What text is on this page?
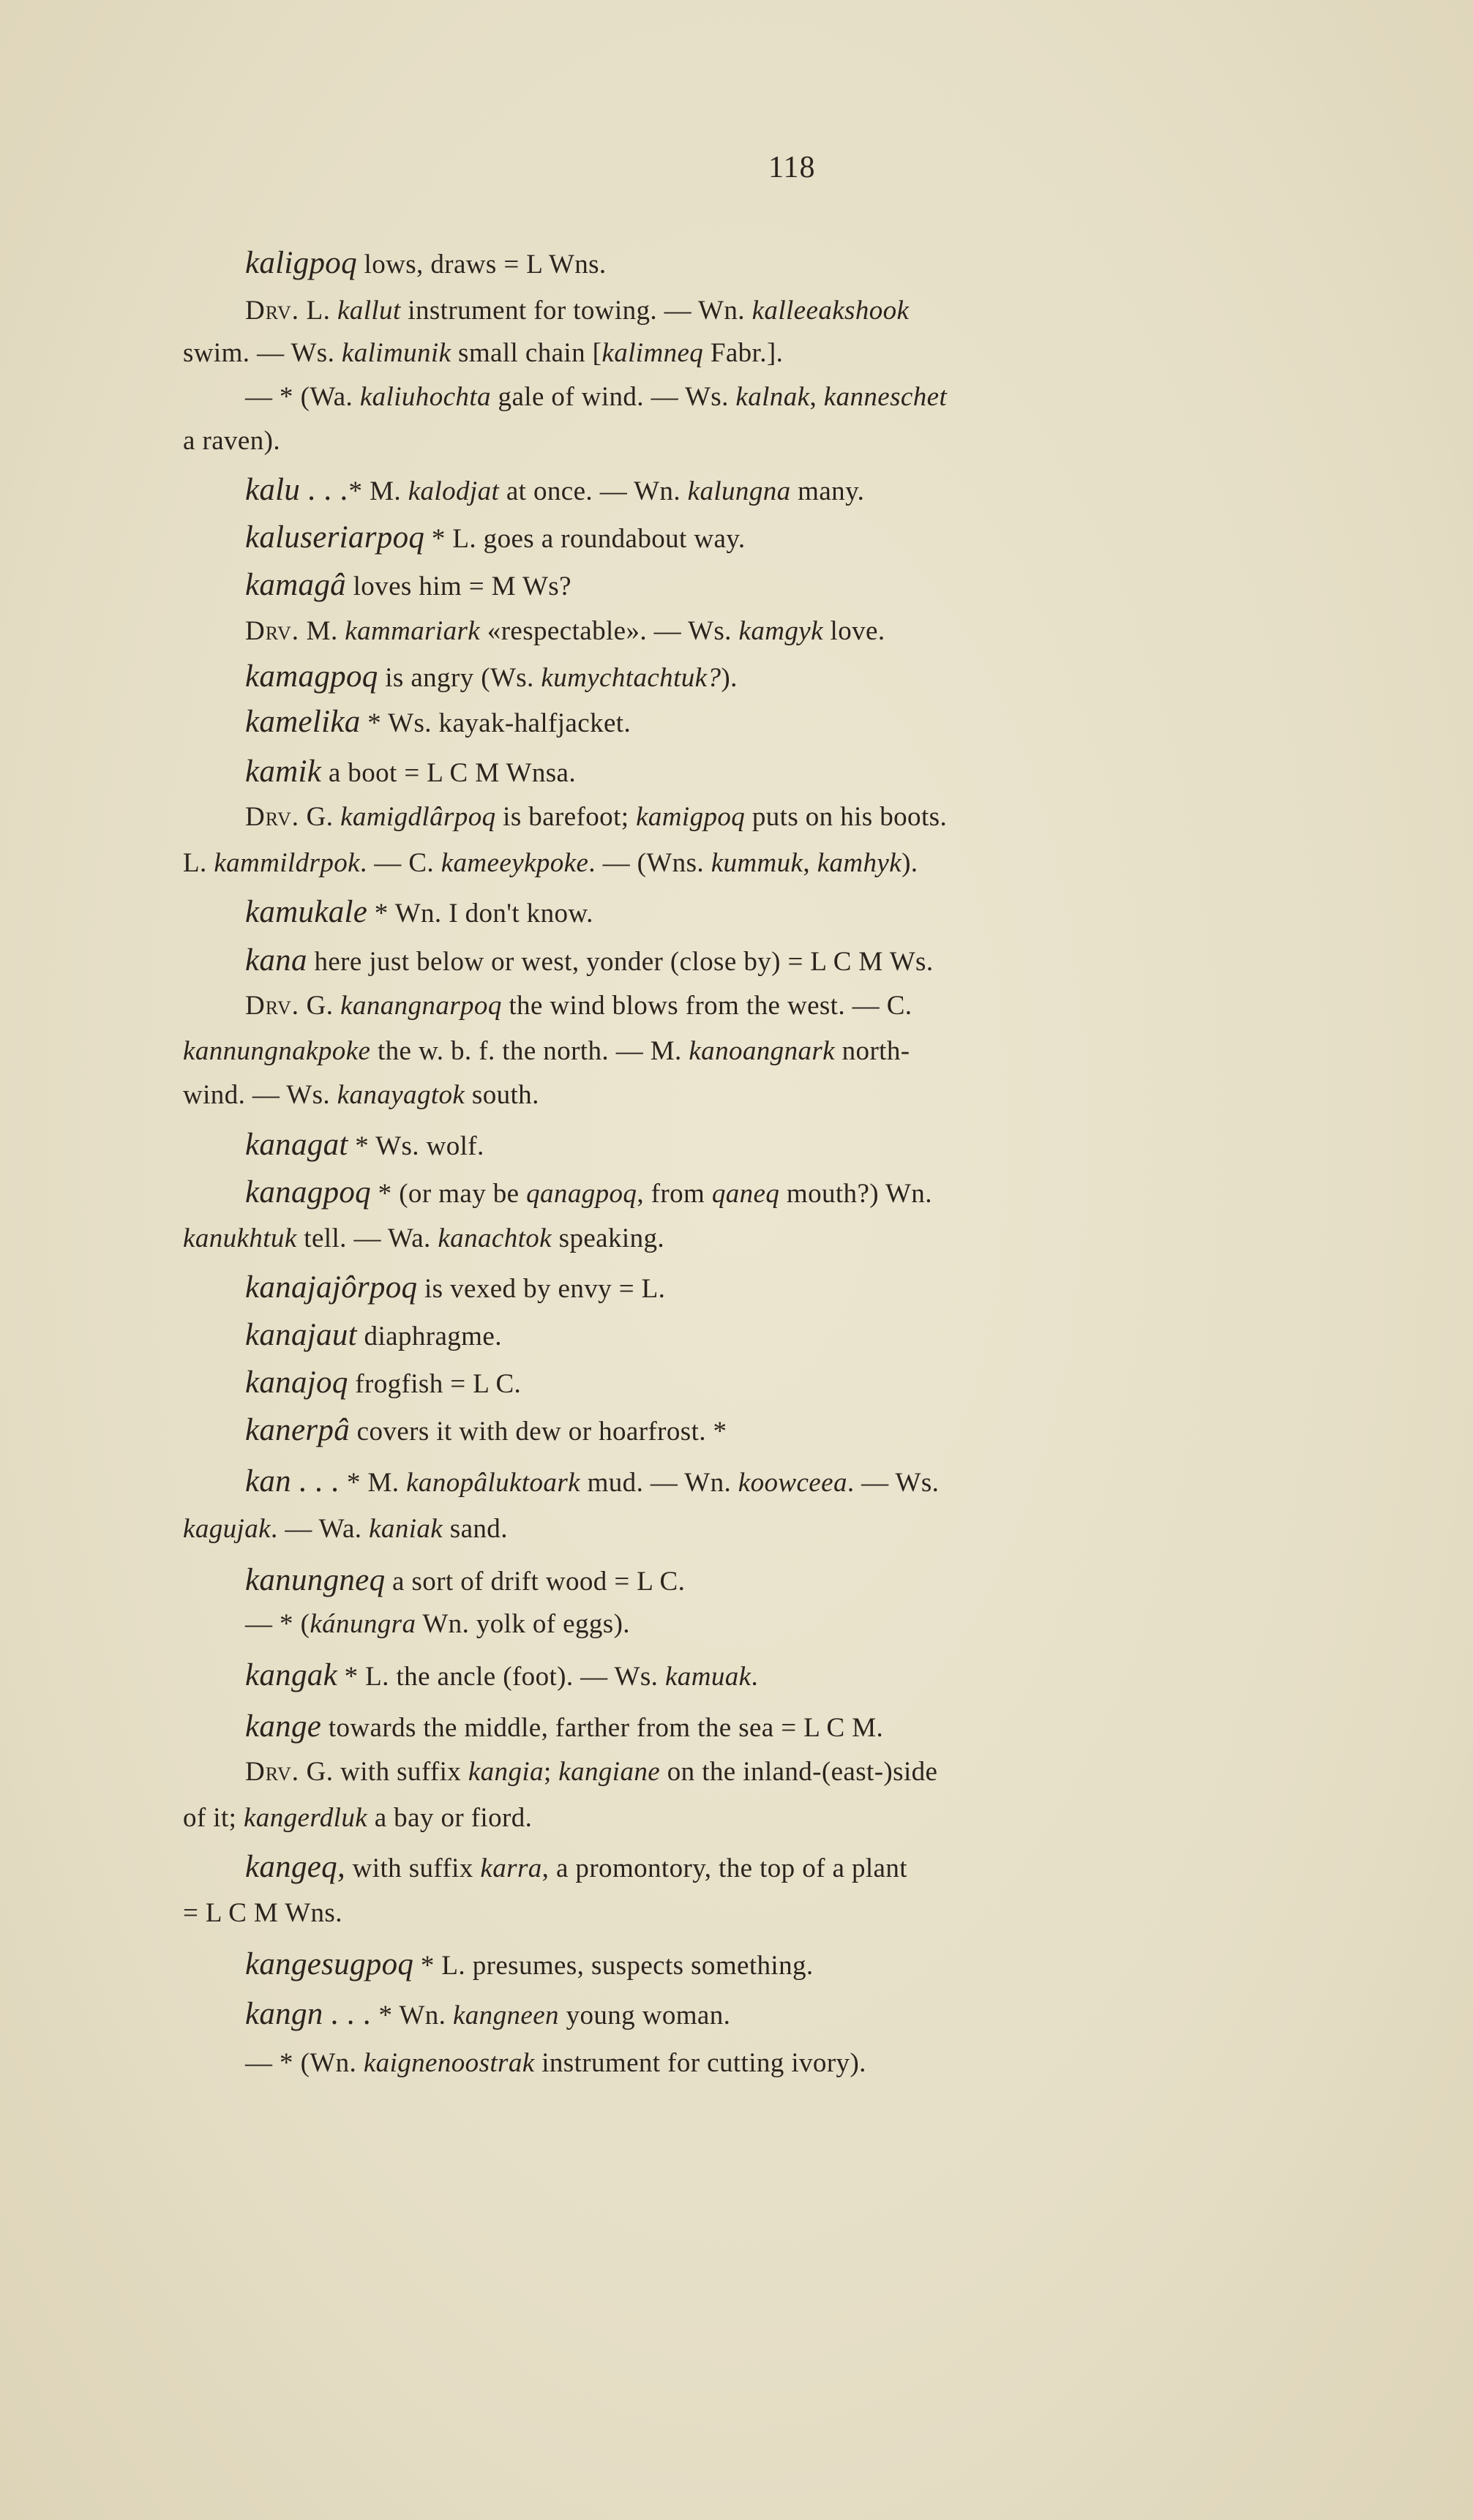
118
kaligpoq lows, draws = L Wns.
Drv. L. kallut instrument for towing. — Wn. kalleeakshook
swim. — Ws. kalimunik small chain [kalimneq Fabr.].
— * (Wa. kaliuhochta gale of wind. — Ws. kalnak, kanneschet
a raven).
kalu . . .* M. kalodjat at once. — Wn. kalungna many.
kaluseriarpoq * L. goes a roundabout way.
kamagâ loves him = M Ws?
Drv. M. kammariark «respectable». — Ws. kamgyk love.
kamagpoq is angry (Ws. kumychtachtuk?).
kamelika * Ws. kayak-halfjacket.
kamik a boot = L C M Wnsa.
Drv. G. kamigdlârpoq is barefoot; kamigpoq puts on his boots.
L. kammildrpok. — C. kameeykpoke. — (Wns. kummuk, kamhyk).
kamukale * Wn. I don't know.
kana here just below or west, yonder (close by) = L C M Ws.
Drv. G. kanangnarpoq the wind blows from the west. — C.
kannungnakpoke the w. b. f. the north. — M. kanoangnark north-
wind. — Ws. kanayagtok south.
kanagat * Ws. wolf.
kanagpoq * (or may be qanagpoq, from qaneq mouth?) Wn.
kanukhtuk tell. — Wa. kanachtok speaking.
kanajajôrpoq is vexed by envy = L.
kanajaut diaphragme.
kanajoq frogfish = L C.
kanerpâ covers it with dew or hoarfrost. *
kan . . . * M. kanopâluktoark mud. — Wn. koowceea. — Ws.
kagujak. — Wa. kaniak sand.
kanungneq a sort of drift wood = L C.
— * (kánungra Wn. yolk of eggs).
kangak * L. the ancle (foot). — Ws. kamuak.
kange towards the middle, farther from the sea = L C M.
Drv. G. with suffix kangia; kangiane on the inland-(east-)side
of it; kangerdluk a bay or fiord.
kangeq, with suffix karra, a promontory, the top of a plant
= L C M Wns.
kangesugpoq * L. presumes, suspects something.
kangn . . . * Wn. kangneen young woman.
— * (Wn. kaignenoostrak instrument for cutting ivory).
